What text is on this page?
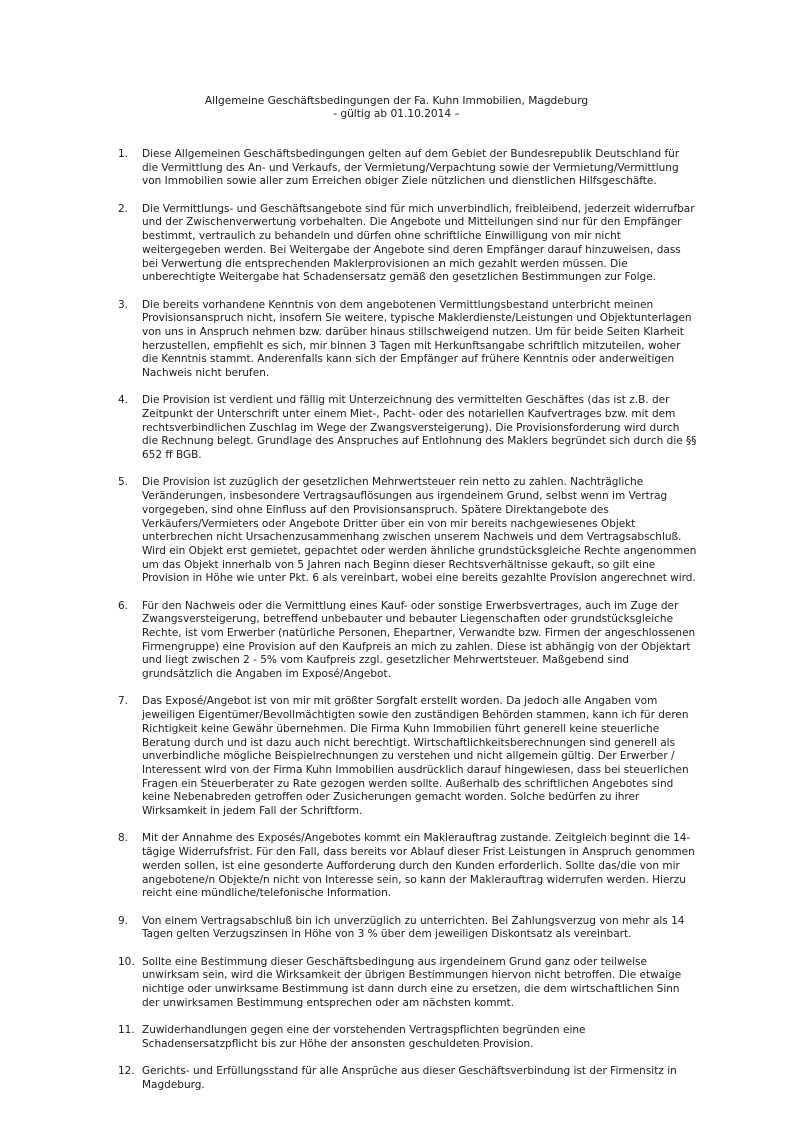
Allgemeine Geschäftsbedingungen der Fa. Kuhn Immobilien, Magdeburg

- gültig ab 01.10.2014 –

1.	Diese Allgemeinen Geschäftsbedingungen gelten auf dem Gebiet der Bundesrepublik Deutschland für die Vermittlung des An- und Verkaufs, der Vermietung/Verpachtung sowie der Vermietung/Vermittlung von Immobilien sowie aller zum Erreichen obiger Ziele nützlichen und dienstlichen Hilfsgeschäfte.
2.	Die Vermittlungs- und Geschäftsangebote sind für mich unverbindlich, freibleibend, jederzeit widerrufbar und der Zwischenverwertung vorbehalten. Die Angebote und Mitteilungen sind nur für den Empfänger bestimmt, vertraulich zu behandeln und dürfen ohne schriftliche Einwilligung von mir nicht weitergegeben werden. Bei Weitergabe der Angebote sind deren Empfänger darauf hinzuweisen, dass bei Verwertung die entsprechenden Maklerprovisionen an mich gezahlt werden müssen. Die unberechtigte Weitergabe hat Schadensersatz gemäß den gesetzlichen Bestimmungen zur Folge.
3.	Die bereits vorhandene Kenntnis von dem angebotenen Vermittlungsbestand unterbricht meinen Provisionsanspruch nicht, insofern Sie weitere, typische Maklerdienste/Leistungen und Objektunterlagen von uns in Anspruch nehmen bzw. darüber hinaus stillschweigend nutzen. Um für beide Seiten Klarheit herzustellen, empfiehlt es sich, mir binnen 3 Tagen mit Herkunftsangabe schriftlich mitzuteilen, woher die Kenntnis stammt. Anderenfalls kann sich der Empfänger auf frühere Kenntnis oder anderweitigen Nachweis nicht berufen.
4.	Die Provision ist verdient und fällig mit Unterzeichnung des vermittelten Geschäftes (das ist z.B. der Zeitpunkt der Unterschrift unter einem Miet-, Pacht- oder des notariellen Kaufvertrages bzw. mit dem rechtsverbindlichen Zuschlag im Wege der Zwangsversteigerung). Die Provisionsforderung wird durch die Rechnung belegt. Grundlage des Anspruches auf Entlohnung des Maklers begründet sich durch die §§ 652 ff BGB.
5.	Die Provision ist zuzüglich der gesetzlichen Mehrwertsteuer rein netto zu zahlen. Nachträgliche Veränderungen, insbesondere Vertragsauflösungen aus irgendeinem Grund, selbst wenn im Vertrag vorgegeben, sind ohne Einfluss auf den Provisionsanspruch. Spätere Direktangebote des Verkäufers/Vermieters oder Angebote Dritter über ein von mir bereits nachgewiesenes Objekt unterbrechen nicht Ursachenzusammenhang zwischen unserem Nachweis und dem Vertragsabschluß. Wird ein Objekt erst gemietet, gepachtet oder werden ähnliche grundstücksgleiche Rechte angenommen um das Objekt innerhalb von 5 Jahren nach Beginn dieser Rechtsverhältnisse gekauft, so gilt eine Provision in Höhe wie unter Pkt. 6 als vereinbart, wobei eine bereits gezahlte Provision angerechnet wird.
6.	Für den Nachweis oder die Vermittlung eines Kauf- oder sonstige Erwerbsvertrages, auch im Zuge der Zwangsversteigerung, betreffend unbebauter und bebauter Liegenschaften oder grundstücksgleiche Rechte, ist vom Erwerber (natürliche Personen, Ehepartner, Verwandte bzw. Firmen der angeschlossenen Firmengruppe) eine Provision auf den Kaufpreis an mich zu zahlen. Diese ist abhängig von der Objektart und liegt zwischen 2 - 5% vom Kaufpreis zzgl. gesetzlicher Mehrwertsteuer. Maßgebend sind grundsätzlich die Angaben im Exposé/Angebot.
7.	Das Exposé/Angebot ist von mir mit größter Sorgfalt erstellt worden. Da jedoch alle Angaben vom jeweiligen Eigentümer/Bevollmächtigten sowie den zuständigen Behörden stammen, kann ich für deren Richtigkeit keine Gewähr übernehmen. Die Firma Kuhn Immobilien führt generell keine steuerliche Beratung durch und ist dazu auch nicht berechtigt. Wirtschaftlichkeitsberechnungen sind generell als unverbindliche mögliche Beispielrechnungen zu verstehen und nicht allgemein gültig. Der Erwerber / Interessent wird von der Firma Kuhn Immobilien ausdrücklich darauf hingewiesen, dass bei steuerlichen Fragen ein Steuerberater zu Rate gezogen werden sollte. Außerhalb des schriftlichen Angebotes sind keine Nebenabreden getroffen oder Zusicherungen gemacht worden. Solche bedürfen zu ihrer Wirksamkeit in jedem Fall der Schriftform.
8.	Mit der Annahme des Exposés/Angebotes kommt ein Maklerauftrag zustande. Zeitgleich beginnt die 14-tägige Widerrufsfrist. Für den Fall, dass bereits vor Ablauf dieser Frist Leistungen in Anspruch genommen werden sollen, ist eine gesonderte Aufforderung durch den Kunden erforderlich. Sollte das/die von mir angebotene/n Objekte/n nicht von Interesse sein, so kann der Maklerauftrag widerrufen werden. Hierzu reicht eine mündliche/telefonische Information.
9.	Von einem Vertragsabschluß bin ich unverzüglich zu unterrichten. Bei Zahlungsverzug von mehr als 14 Tagen gelten Verzugszinsen in Höhe von 3 % über dem jeweiligen Diskontsatz als vereinbart.
10. Sollte eine Bestimmung dieser Geschäftsbedingung aus irgendeinem Grund ganz oder teilweise unwirksam sein, wird die Wirksamkeit der übrigen Bestimmungen hiervon nicht betroffen. Die etwaige nichtige oder unwirksame Bestimmung ist dann durch eine zu ersetzen, die dem wirtschaftlichen Sinn der unwirksamen Bestimmung entsprechen oder am nächsten kommt.
11. Zuwiderhandlungen gegen eine der vorstehenden Vertragspflichten begründen eine Schadensersatzpflicht bis zur Höhe der ansonsten geschuldeten Provision.
12. Gerichts- und Erfüllungsstand für alle Ansprüche aus dieser Geschäftsverbindung ist der Firmensitz in Magdeburg.
